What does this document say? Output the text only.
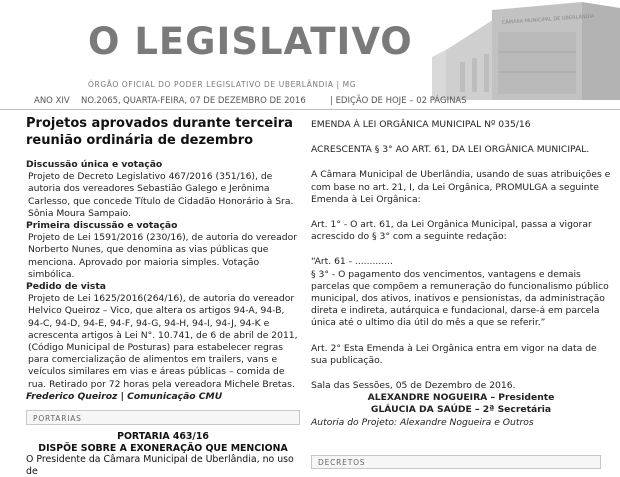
O LEGISLATIVO
ÓRGÃO OFICIAL DO PODER LEGISLATIVO DE UBERLÂNDIA | MG
CÂMARA MUNICIPAL DE UBERLÂNDIA
ANO XIV NO.2065, QUARTA-FEIRA, 07 DE DEZEMBRO DE 2016	| EDIÇÃO DE HOJE – 02 PÁGINAS
Projetos aprovados durante terceira reunião ordinária de dezembro

Discussão única e votação

Projeto de Decreto Legislativo 467/2016 (351/16), de autoria dos vereadores Sebastião Galego e Jerônima Carlesso, que concede Título de Cidadão Honorário à Sra. Sônia Moura Sampaio.

Primeira discussão e votação

Projeto de Lei 1591/2016 (230/16), de autoria do vereador Norberto Nunes, que denomina as vias públicas que menciona. Aprovado por maioria simples. Votação simbólica.

Pedido de vista

Projeto de Lei 1625/2016(264/16), de autoria do vereador Helvico Queiroz – Vico, que altera os artigos 94-A, 94-B, 94-C, 94-D, 94-E, 94-F, 94-G, 94-H, 94-I, 94-J, 94-K e acrescenta artigos à Lei N°. 10.741, de 6 de abril de 2011, (Código Municipal de Posturas) para estabelecer regras para comercialização de alimentos em trailers, vans e veículos similares em vias e áreas públicas – comida de rua. Retirado por 72 horas pela vereadora Michele Bretas.

Frederico Queiroz | Comunicação CMU

PORTARIAS
PORTARIA 463/16
DISPÕE SOBRE A EXONERAÇÃO QUE MENCIONA
O Presidente da Câmara Municipal de Uberlândia, no uso de

EMENDA À LEI ORGÂNICA MUNICIPAL Nº 035/16

ACRESCENTA § 3° AO ART. 61, DA LEI ORGÂNICA MUNICIPAL.

A Câmara Municipal de Uberlândia, usando de suas atribuições e com base no art. 21, I, da Lei Orgânica, PROMULGA a seguinte Emenda à Lei Orgânica:

Art. 1° - O art. 61, da Lei Orgânica Municipal, passa a vigorar acrescido do § 3° com a seguinte redação:

“Art. 61 - .............

§ 3° - O pagamento dos vencimentos, vantagens e demais parcelas que compõem a remuneração do funcionalismo público municipal, dos ativos, inativos e pensionistas, da administração direta e indireta, autárquica e fundacional, darse-á em parcela única até o ultimo dia útil do mês a que se referir.”

Art. 2° Esta Emenda à Lei Orgânica entra em vigor na data de sua publicação.

Sala das Sessões, 05 de Dezembro de 2016.

ALEXANDRE NOGUEIRA – Presidente

GLÁUCIA DA SAÚDE – 2ª Secretária

Autoria do Projeto: Alexandre Nogueira e Outros

DECRETOS
